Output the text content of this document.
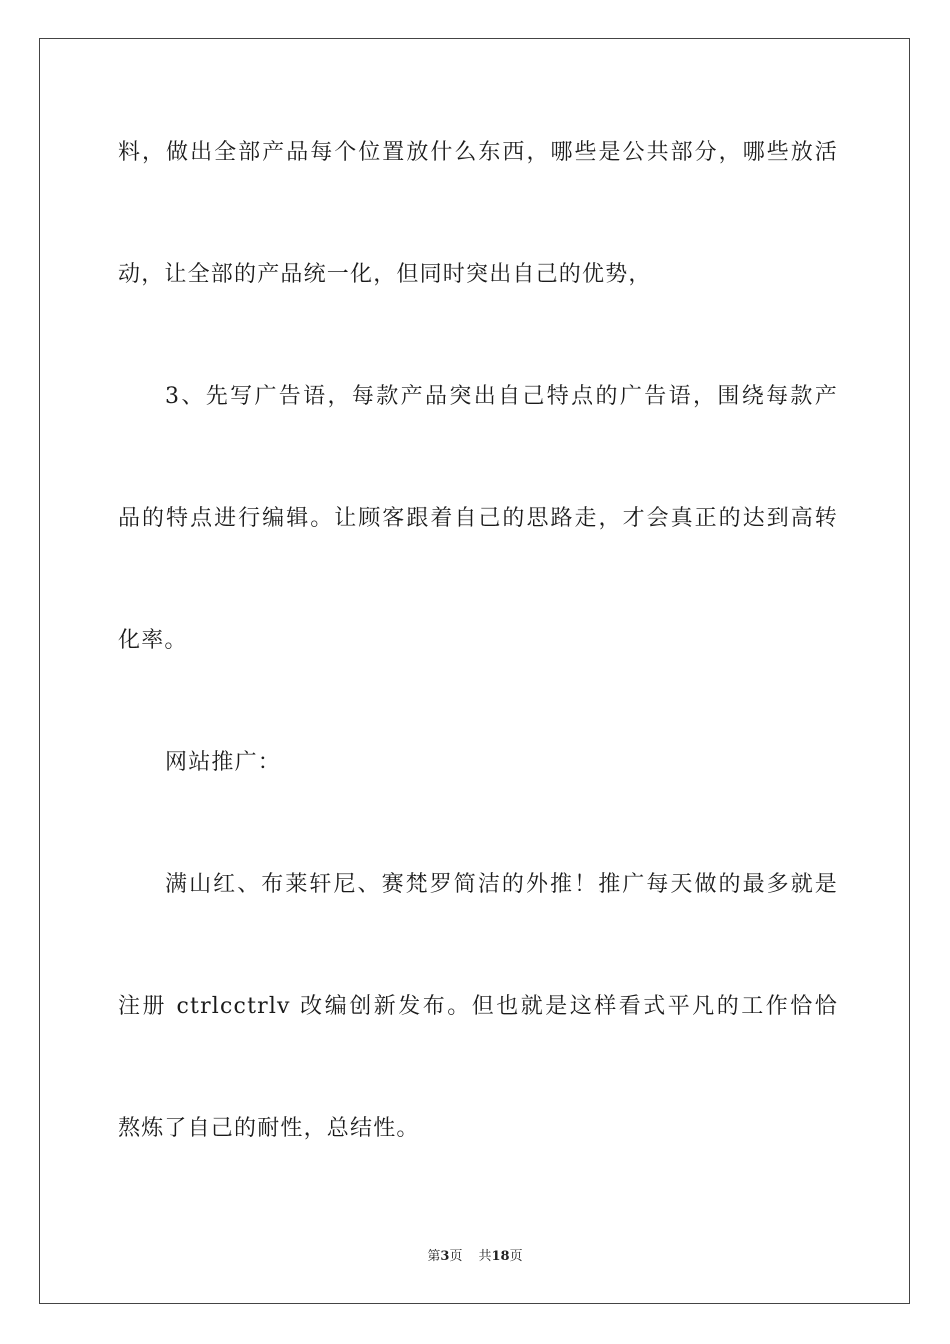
料，做出全部产品每个位置放什么东西，哪些是公共部分，哪些放活
动，让全部的产品统一化，但同时突出自己的优势，
3、先写广告语，每款产品突出自己特点的广告语，围绕每款产
品的特点进行编辑。让顾客跟着自己的思路走，才会真正的达到高转
化率。
网站推广：
满山红、布莱轩尼、赛梵罗简洁的外推！推广每天做的最多就是
注册 ctrlcctrlv 改编创新发布。但也就是这样看式平凡的工作恰恰
熬炼了自己的耐性，总结性。
第3页 共18页
